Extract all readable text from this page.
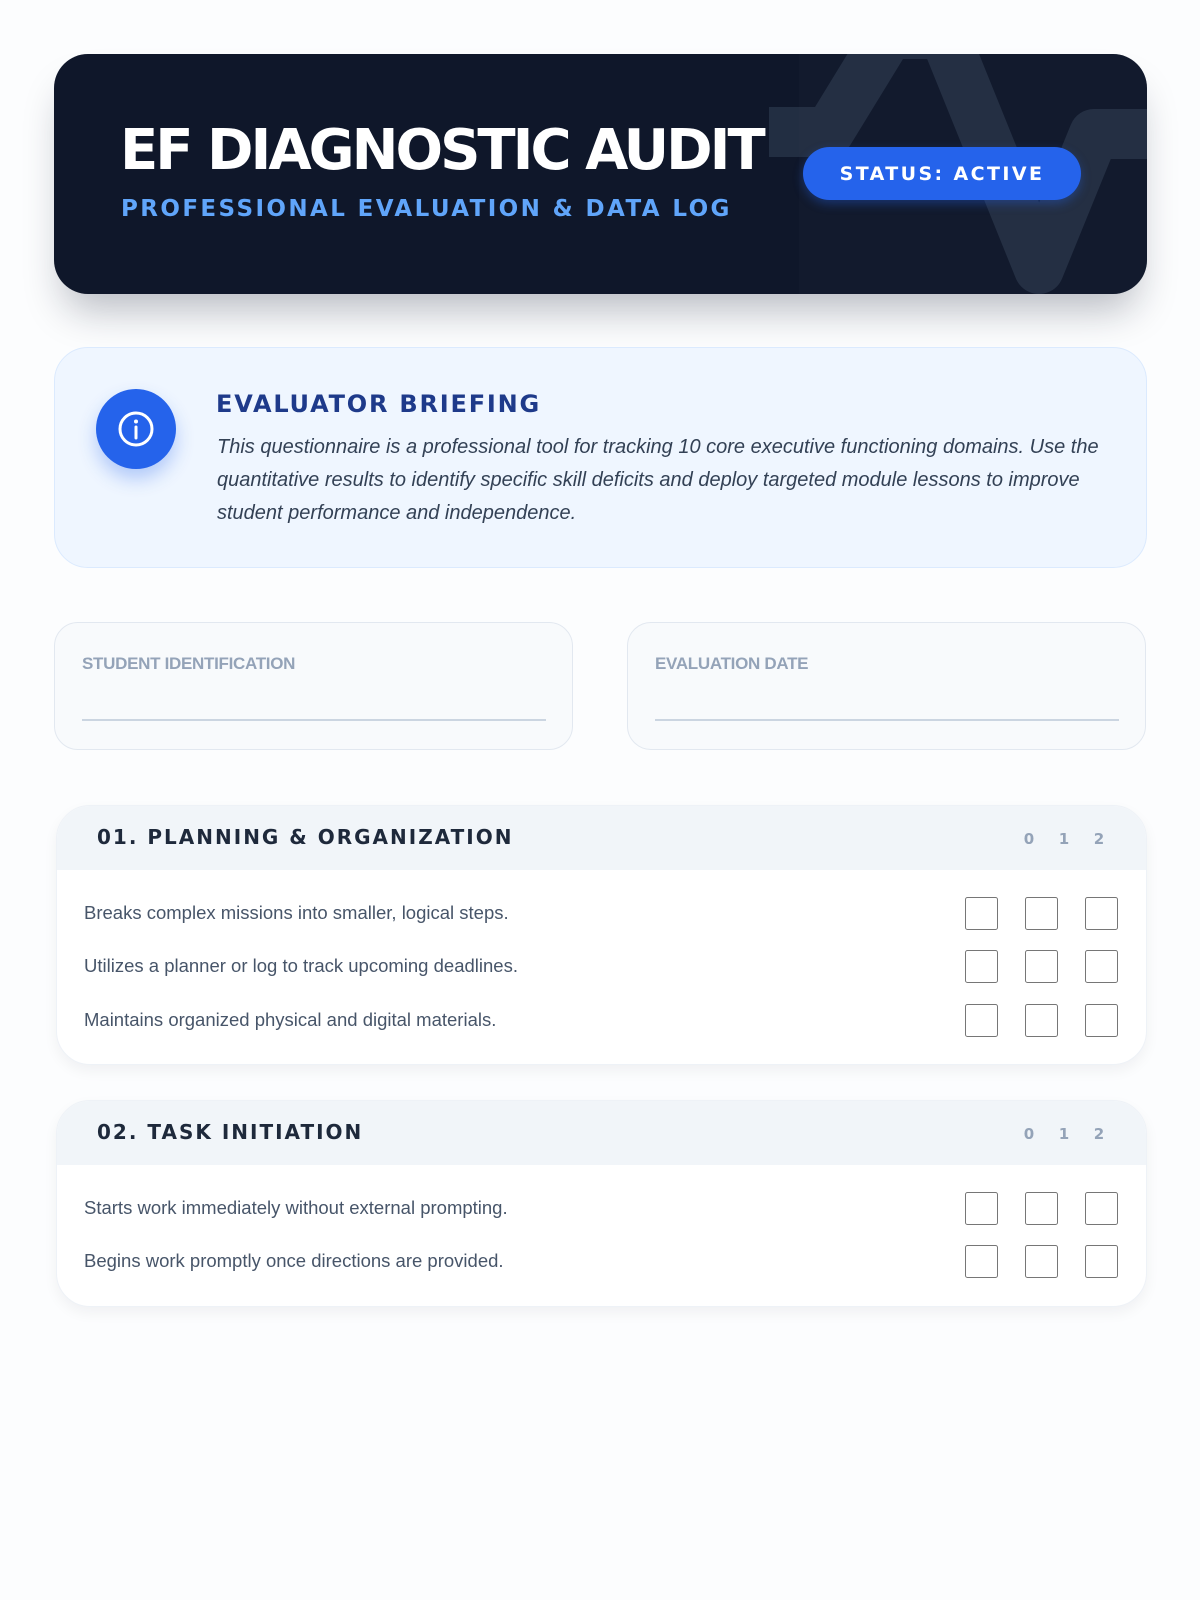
EF DIAGNOSTIC AUDIT
PROFESSIONAL EVALUATION & DATA LOG
STATUS: ACTIVE
EVALUATOR BRIEFING

This questionnaire is a professional tool for tracking 10 core executive functioning domains. Use the quantitative results to identify specific skill deficits and deploy targeted module lessons to improve student performance and independence.

STUDENT IDENTIFICATION	EVALUATION DATE
01. PLANNING & ORGANIZATION	0	1	2
Breaks complex missions into smaller, logical steps.
Utilizes a planner or log to track upcoming deadlines.
Maintains organized physical and digital materials.
02. TASK INITIATION	0	1	2
Starts work immediately without external prompting.
Begins work promptly once directions are provided.
